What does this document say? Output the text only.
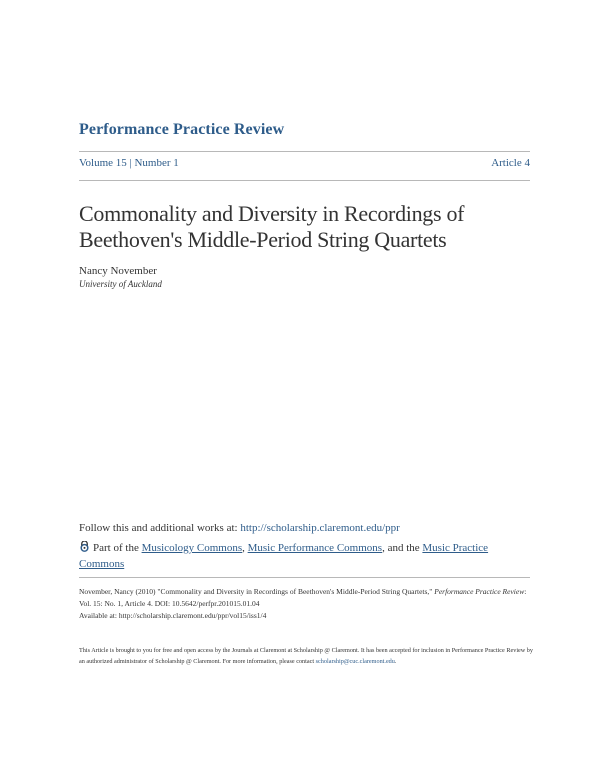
Performance Practice Review
Volume 15 | Number 1	Article 4
Commonality and Diversity in Recordings of Beethoven's Middle-Period String Quartets
Nancy November
University of Auckland
Follow this and additional works at: http://scholarship.claremont.edu/ppr
Part of the Musicology Commons, Music Performance Commons, and the Music Practice Commons
November, Nancy (2010) "Commonality and Diversity in Recordings of Beethoven's Middle-Period String Quartets," Performance Practice Review: Vol. 15: No. 1, Article 4. DOI: 10.5642/perfpr.201015.01.04
Available at: http://scholarship.claremont.edu/ppr/vol15/iss1/4
This Article is brought to you for free and open access by the Journals at Claremont at Scholarship @ Claremont. It has been accepted for inclusion in Performance Practice Review by an authorized administrator of Scholarship @ Claremont. For more information, please contact scholarship@cuc.claremont.edu.
